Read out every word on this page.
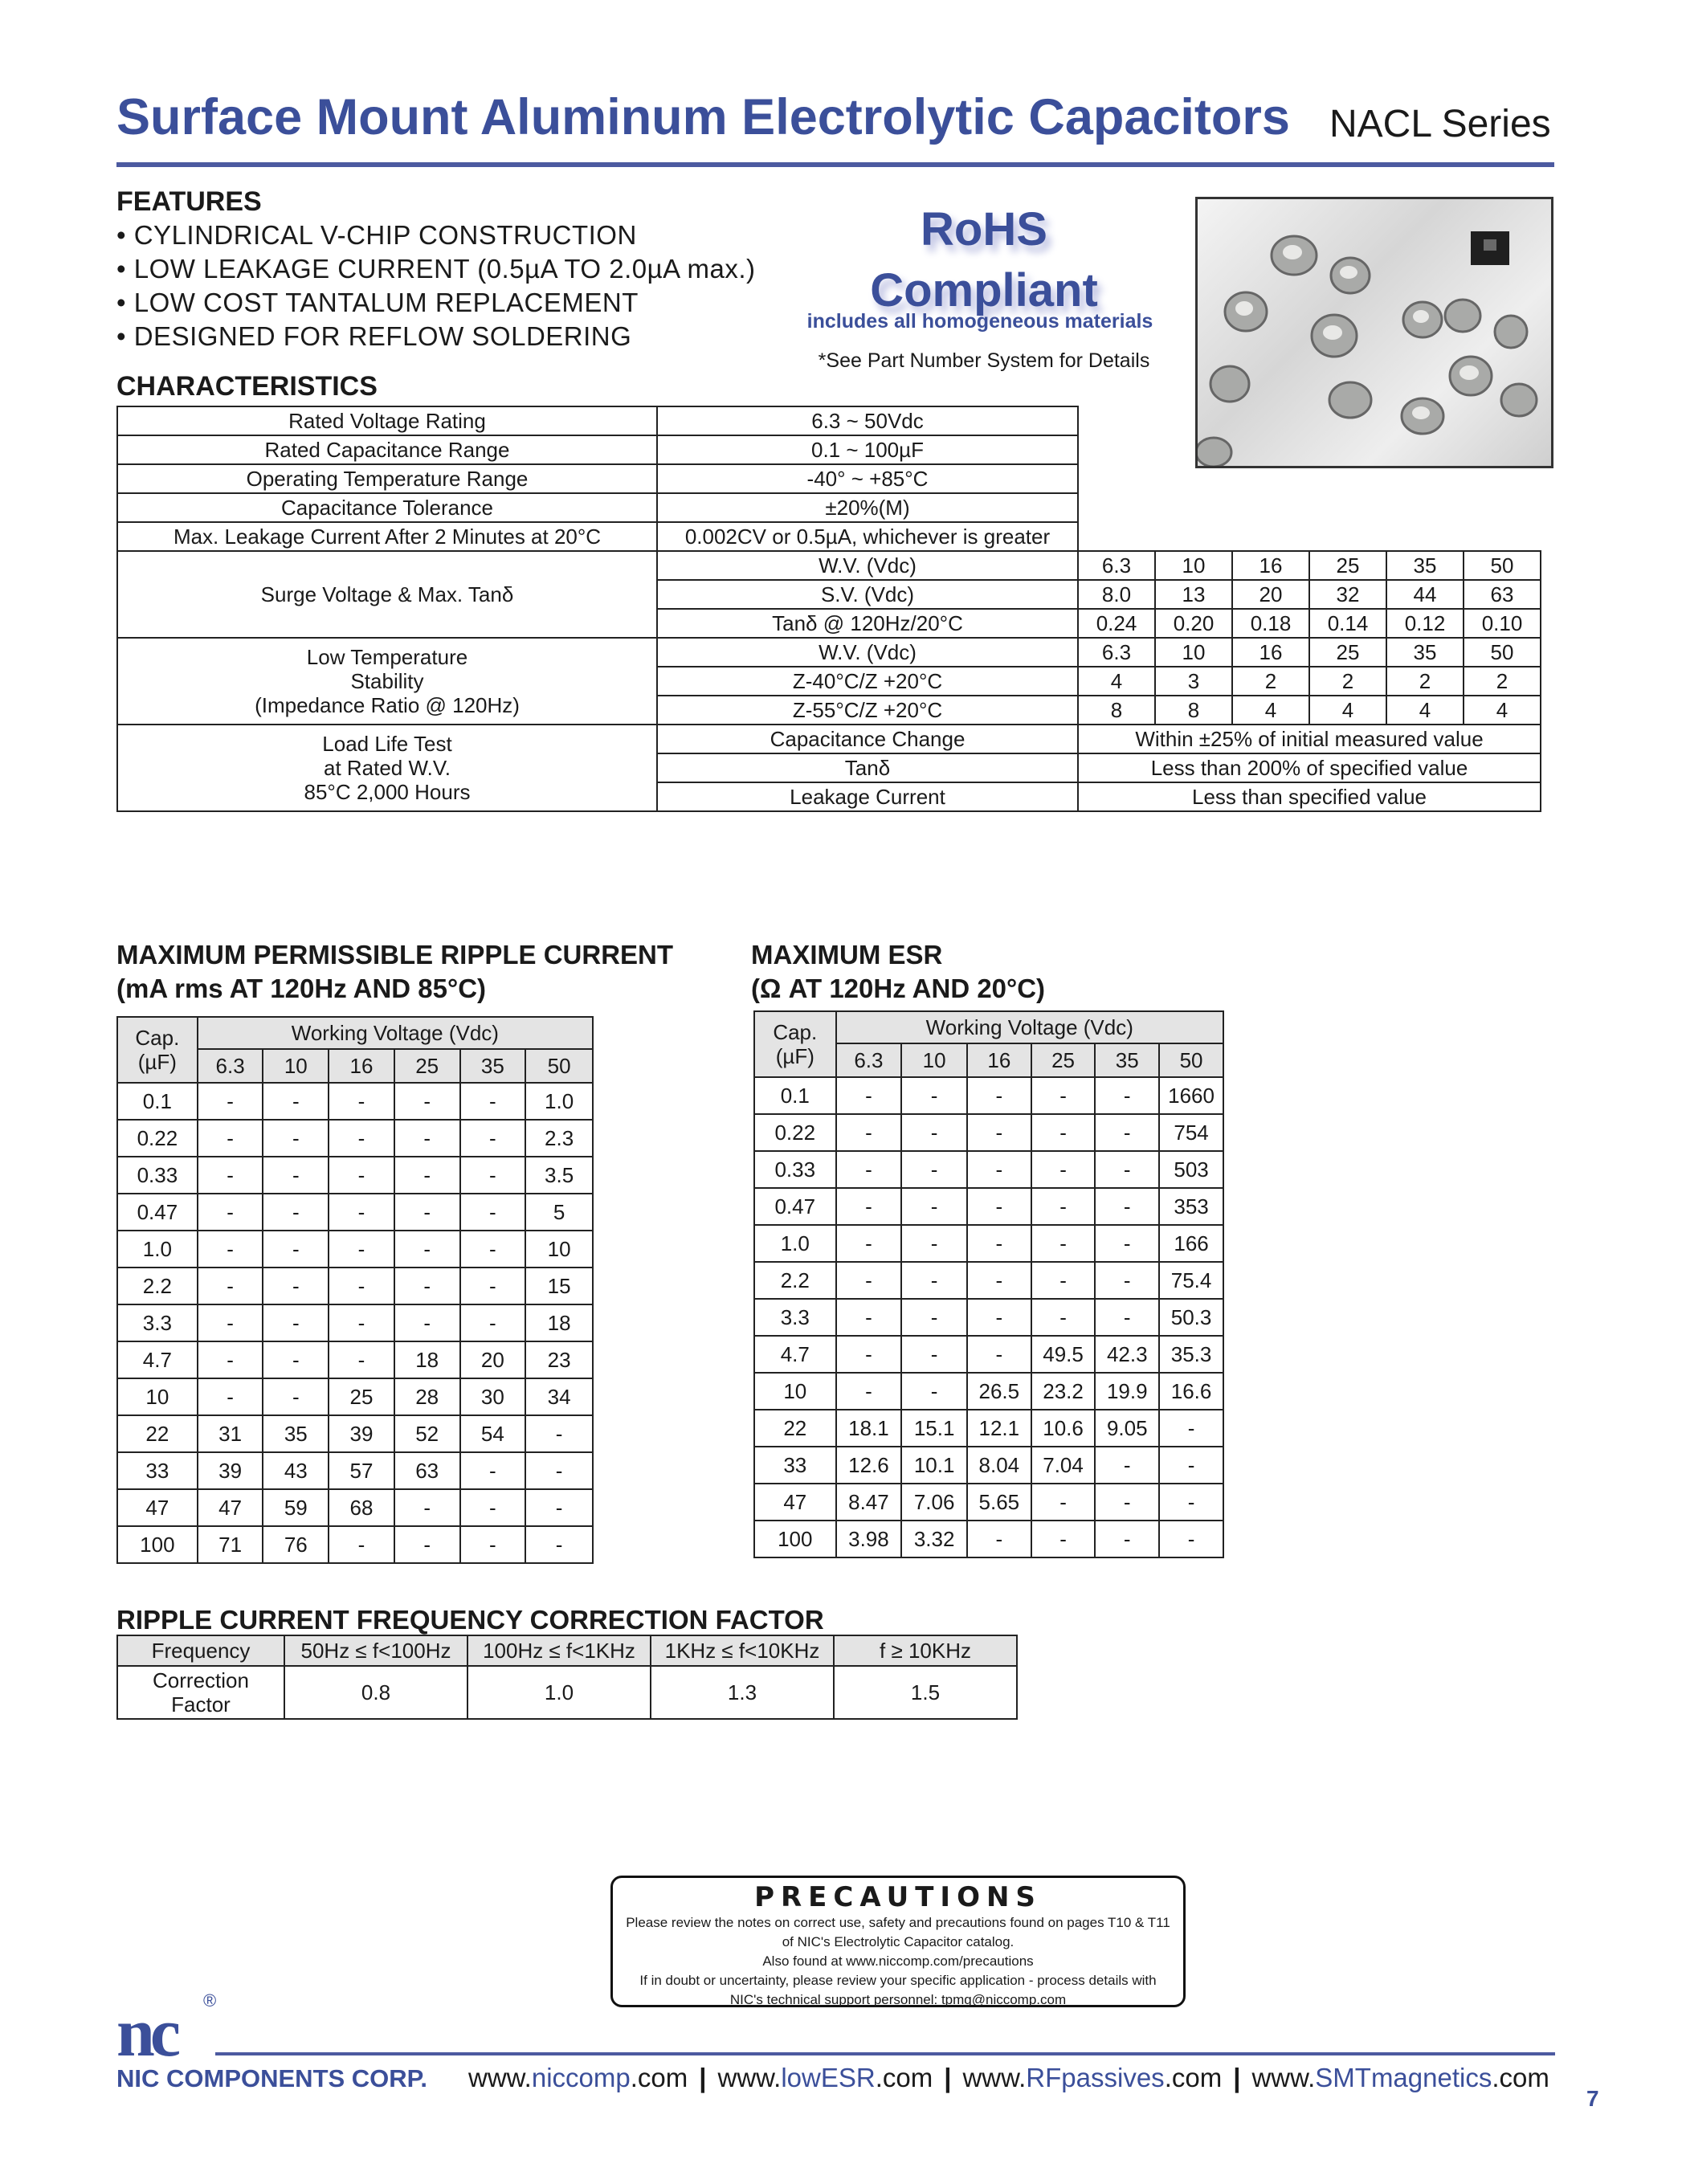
Surface Mount Aluminum Electrolytic Capacitors NACL Series
FEATURES
• CYLINDRICAL V-CHIP CONSTRUCTION
• LOW LEAKAGE CURRENT (0.5µA TO 2.0µA max.)
• LOW COST TANTALUM REPLACEMENT
• DESIGNED FOR REFLOW SOLDERING
RoHS
Compliant
includes all homogeneous materials
*See Part Number System for Details
CHARACTERISTICS
Rated Voltage Rating	6.3 ~ 50Vdc						
Rated Capacitance Range	0.1 ~ 100µF						
Operating Temperature Range	-40° ~ +85°C						
Capacitance Tolerance	±20%(M)						
Max. Leakage Current After 2 Minutes at 20°C	0.002CV or 0.5µA, whichever is greater						
Surge Voltage & Max. Tanδ	W.V. (Vdc)	6.3	10	16	25	35	50
	S.V. (Vdc)	8.0	13	20	32	44	63
	Tanδ @ 120Hz/20°C	0.24	0.20	0.18	0.14	0.12	0.10

Low Temperature
Stability
(Impedance Ratio @ 120Hz)	W.V. (Vdc)	6.3	10	16	25	35	50
	Z-40°C/Z +20°C	4	3	2	2	2	2
	Z-55°C/Z +20°C	8	8	4	4	4	4

Load Life Test
at Rated W.V.
85°C 2,000 Hours	Capacitance Change	Within ±25% of initial measured value					
	Tanδ	Less than 200% of specified value					
	Leakage Current	Less than specified value					
MAXIMUM PERMISSIBLE RIPPLE CURRENT
(mA rms AT 120Hz AND 85°C)
Cap.
(µF)	Working Voltage (Vdc)					
	6.3	10	16	25	35	50
0.1	-	-	-	-	-	1.0
0.22	-	-	-	-	-	2.3
0.33	-	-	-	-	-	3.5
0.47	-	-	-	-	-	5
1.0	-	-	-	-	-	10
2.2	-	-	-	-	-	15
3.3	-	-	-	-	-	18
4.7	-	-	-	18	20	23
10	-	-	25	28	30	34
22	31	35	39	52	54	-
33	39	43	57	63	-	-
47	47	59	68	-	-	-
100	71	76	-	-	-	-
MAXIMUM ESR
(Ω AT 120Hz AND 20°C)
Cap.
(µF)	Working Voltage (Vdc)					
	6.3	10	16	25	35	50
0.1	-	-	-	-	-	1660
0.22	-	-	-	-	-	754
0.33	-	-	-	-	-	503
0.47	-	-	-	-	-	353
1.0	-	-	-	-	-	166
2.2	-	-	-	-	-	75.4
3.3	-	-	-	-	-	50.3
4.7	-	-	-	49.5	42.3	35.3
10	-	-	26.5	23.2	19.9	16.6
22	18.1	15.1	12.1	10.6	9.05	-
33	12.6	10.1	8.04	7.04	-	-
47	8.47	7.06	5.65	-	-	-
100	3.98	3.32	-	-	-	-
RIPPLE CURRENT FREQUENCY CORRECTION FACTOR
Frequency	50Hz ≤ f<100Hz	100Hz ≤ f<1KHz	1KHz ≤ f<10KHz	f ≥ 10KHz

Correction
Factor	0.8	1.0	1.3	1.5
PRECAUTIONS
Please review the notes on correct use, safety and precautions found on pages T10 & T11
of NIC's Electrolytic Capacitor catalog.
Also found at www.niccomp.com/precautions
If in doubt or uncertainty, please review your specific application - process details with
NIC's technical support personnel: tpmg@niccomp.com
nc ®
NIC COMPONENTS CORP. www.niccomp.com | www.lowESR.com | www.RFpassives.com | www.SMTmagnetics.com
7
